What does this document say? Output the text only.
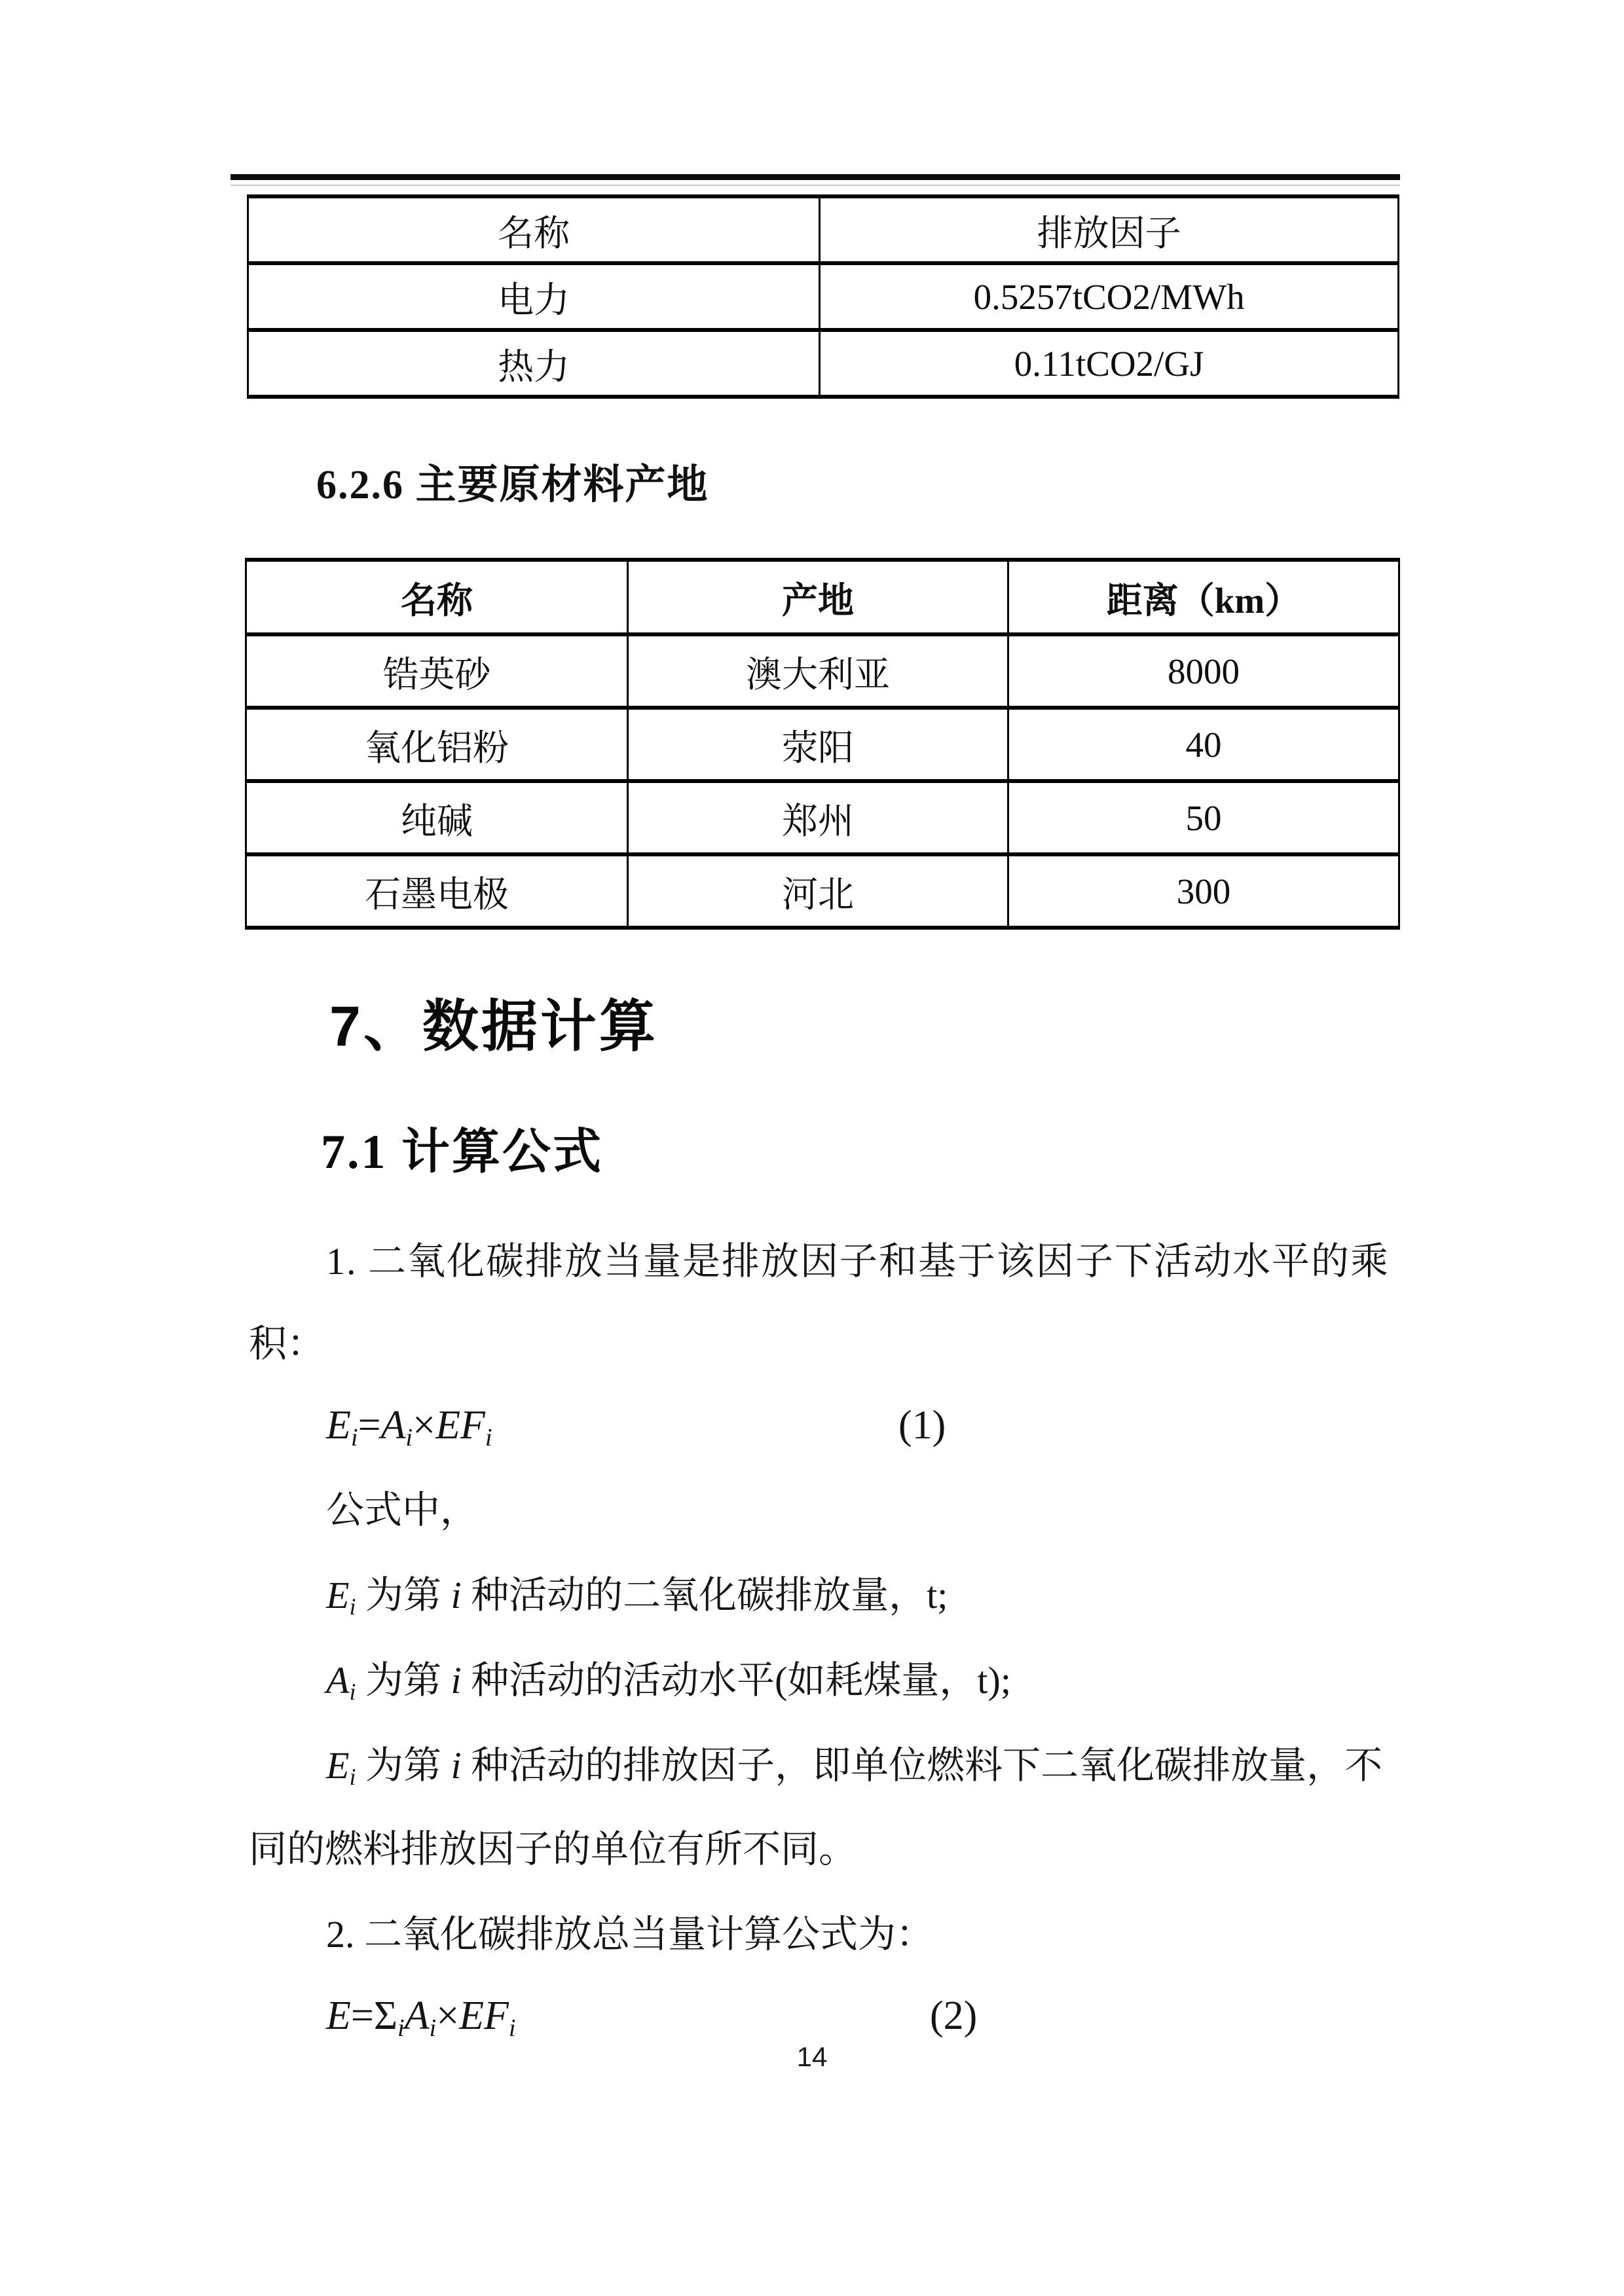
名称	排放因子
电力	0.5257tCO2/MWh
热力	0.11tCO2/GJ
6.2.6 主要原材料产地
名称	产地	距离（km）
锆英砂	澳大利亚	8000
氧化铝粉	荥阳	40
纯碱	郑州	50
石墨电极	河北	300
7、数据计算
7.1 计算公式
1. 二氧化碳排放当量是排放因子和基于该因子下活动水平的乘
积：
$E_i=A_i\times EF_i$	(1)
公式中，
$E_i$ 为第 i 种活动的二氧化碳排放量，t;
$A_i$ 为第 i 种活动的活动水平(如耗煤量，t);
$E_i$ 为第 i 种活动的排放因子，即单位燃料下二氧化碳排放量，不
同的燃料排放因子的单位有所不同。
2. 二氧化碳排放总当量计算公式为：
$E=\Sigma_iA_i\times EF_i$	(2)
14
